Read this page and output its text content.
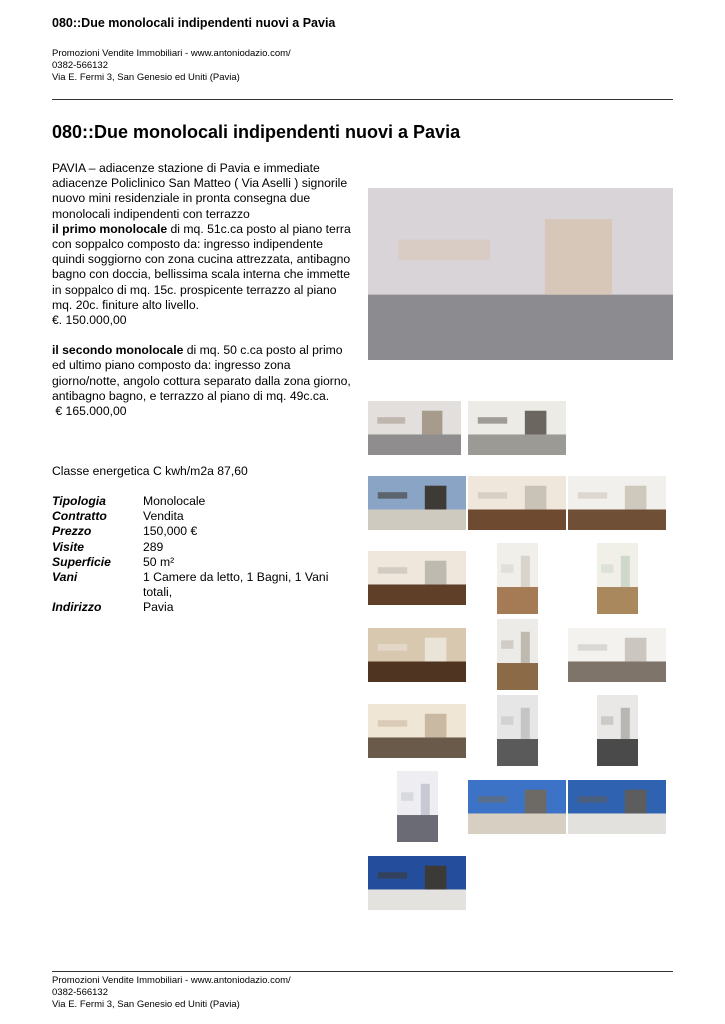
080::Due monolocali indipendenti nuovi a Pavia
Promozioni Vendite Immobiliari - www.antoniodazio.com/
0382-566132
Via E. Fermi 3, San Genesio ed Uniti (Pavia)
080::Due monolocali indipendenti nuovi a Pavia

PAVIA – adiacenze stazione di Pavia e immediate

adiacenze Policlinico San Matteo ( Via Aselli ) signorile

nuovo mini residenziale in pronta consegna due

monolocali indipendenti con terrazzo

il primo monolocale di mq. 51c.ca posto al piano terra

con soppalco composto da: ingresso indipendente

quindi soggiorno con zona cucina attrezzata, antibagno

bagno con doccia, bellissima scala interna che immette

in soppalco di mq. 15c. prospicente terrazzo al piano

mq. 20c. finiture alto livello.

€. 150.000,00

il secondo monolocale di mq. 50 c.ca posto al primo

ed ultimo piano composto da: ingresso zona

giorno/notte, angolo cottura separato dalla zona giorno,

antibagno bagno, e terrazzo al piano di mq. 49c.ca.

€ 165.000,00

Classe energetica C kwh/m2a 87,60
Tipologia	Monolocale
Contratto	Vendita
Prezzo	150,000 €
Visite	289
Superficie	50 m²
Vani	1 Camere da letto, 1 Bagni, 1 Vani totali,
Indirizzo	Pavia
Promozioni Vendite Immobiliari - www.antoniodazio.com/
0382-566132
Via E. Fermi 3, San Genesio ed Uniti (Pavia)
